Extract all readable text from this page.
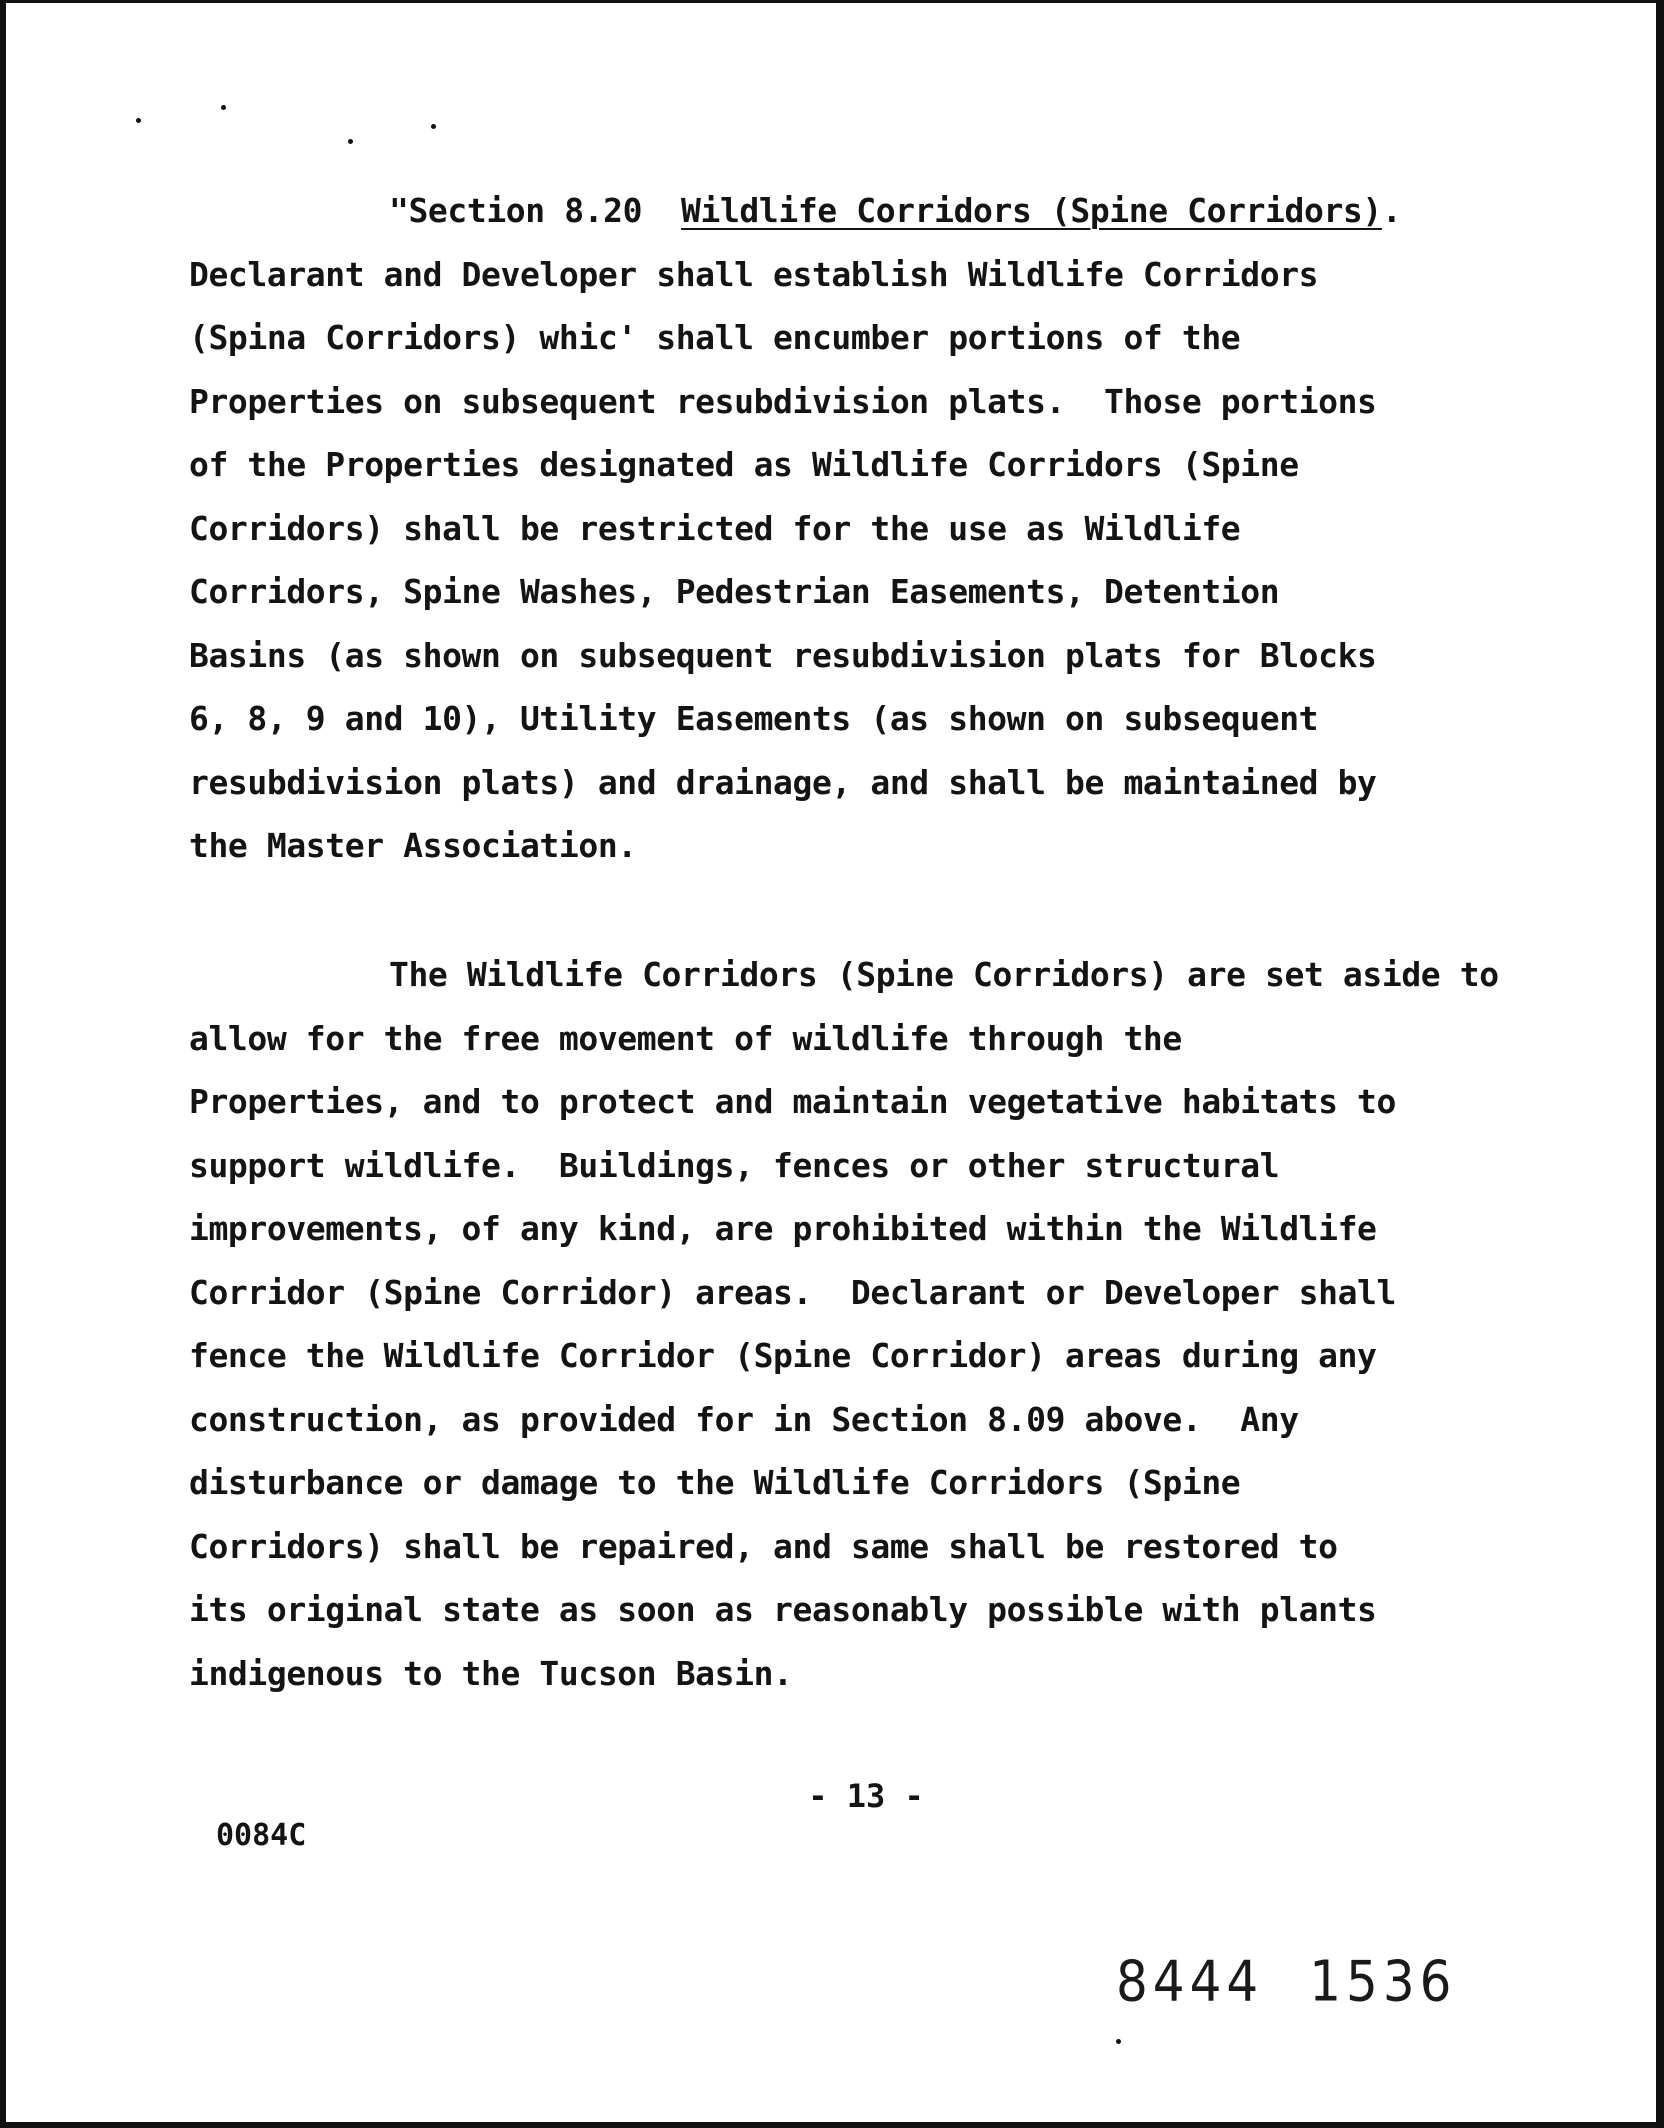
"Section 8.20  Wildlife Corridors (Spine Corridors).
Declarant and Developer shall establish Wildlife Corridors
(Spina Corridors) whic' shall encumber portions of the
Properties on subsequent resubdivision plats.  Those portions
of the Properties designated as Wildlife Corridors (Spine
Corridors) shall be restricted for the use as Wildlife
Corridors, Spine Washes, Pedestrian Easements, Detention
Basins (as shown on subsequent resubdivision plats for Blocks
6, 8, 9 and 10), Utility Easements (as shown on subsequent
resubdivision plats) and drainage, and shall be maintained by
the Master Association.
The Wildlife Corridors (Spine Corridors) are set aside to
allow for the free movement of wildlife through the
Properties, and to protect and maintain vegetative habitats to
support wildlife.  Buildings, fences or other structural
improvements, of any kind, are prohibited within the Wildlife
Corridor (Spine Corridor) areas.  Declarant or Developer shall
fence the Wildlife Corridor (Spine Corridor) areas during any
construction, as provided for in Section 8.09 above.  Any
disturbance or damage to the Wildlife Corridors (Spine
Corridors) shall be repaired, and same shall be restored to
its original state as soon as reasonably possible with plants
indigenous to the Tucson Basin.
- 13 -
0084C
8444 1536
